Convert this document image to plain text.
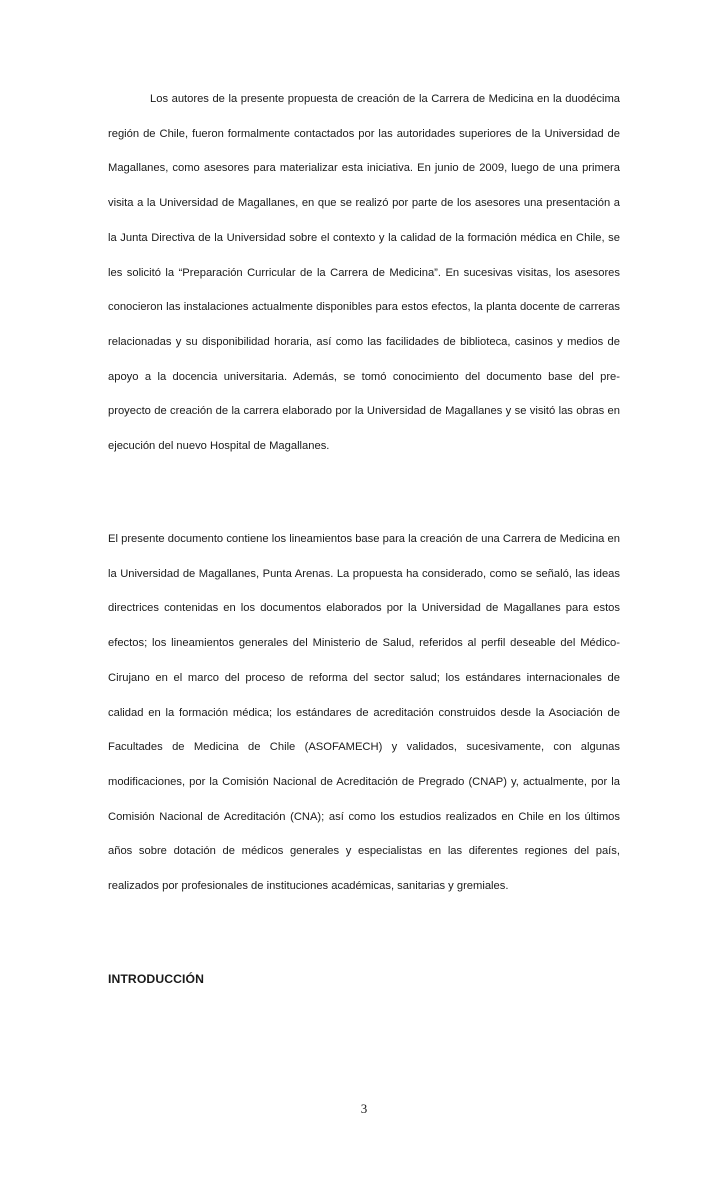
Los autores de la presente propuesta de creación de la Carrera de Medicina en la duodécima región de Chile, fueron formalmente contactados por las autoridades superiores de la Universidad de Magallanes, como asesores para materializar esta iniciativa. En junio de 2009, luego de una primera visita a la Universidad de Magallanes, en que se realizó por parte de los asesores una presentación a la Junta Directiva de la Universidad sobre el contexto y la calidad de la formación médica en Chile, se les solicitó la “Preparación Curricular de la Carrera de Medicina”. En sucesivas visitas, los asesores conocieron las instalaciones actualmente disponibles para estos efectos, la planta docente de carreras relacionadas y su disponibilidad horaria, así como las facilidades de biblioteca, casinos y medios de apoyo a la docencia universitaria. Además, se tomó conocimiento del documento base del pre-proyecto de creación de la carrera elaborado por la Universidad de Magallanes y se visitó las obras en ejecución del nuevo Hospital de Magallanes.

El presente documento contiene los lineamientos base para la creación de una Carrera de Medicina en la Universidad de Magallanes, Punta Arenas. La propuesta ha considerado, como se señaló, las ideas directrices contenidas en los documentos elaborados por la Universidad de Magallanes para estos efectos; los lineamientos generales del Ministerio de Salud, referidos al perfil deseable del Médico-Cirujano en el marco del proceso de reforma del sector salud; los estándares internacionales de calidad en la formación médica; los estándares de acreditación construidos desde la Asociación de Facultades de Medicina de Chile (ASOFAMECH) y validados, sucesivamente, con algunas modificaciones, por la Comisión Nacional de Acreditación de Pregrado (CNAP) y, actualmente, por la Comisión Nacional de Acreditación (CNA); así como los estudios realizados en Chile en los últimos años sobre dotación de médicos generales y especialistas en las diferentes regiones del país, realizados por profesionales de instituciones académicas, sanitarias y gremiales.

INTRODUCCIÓN
3
